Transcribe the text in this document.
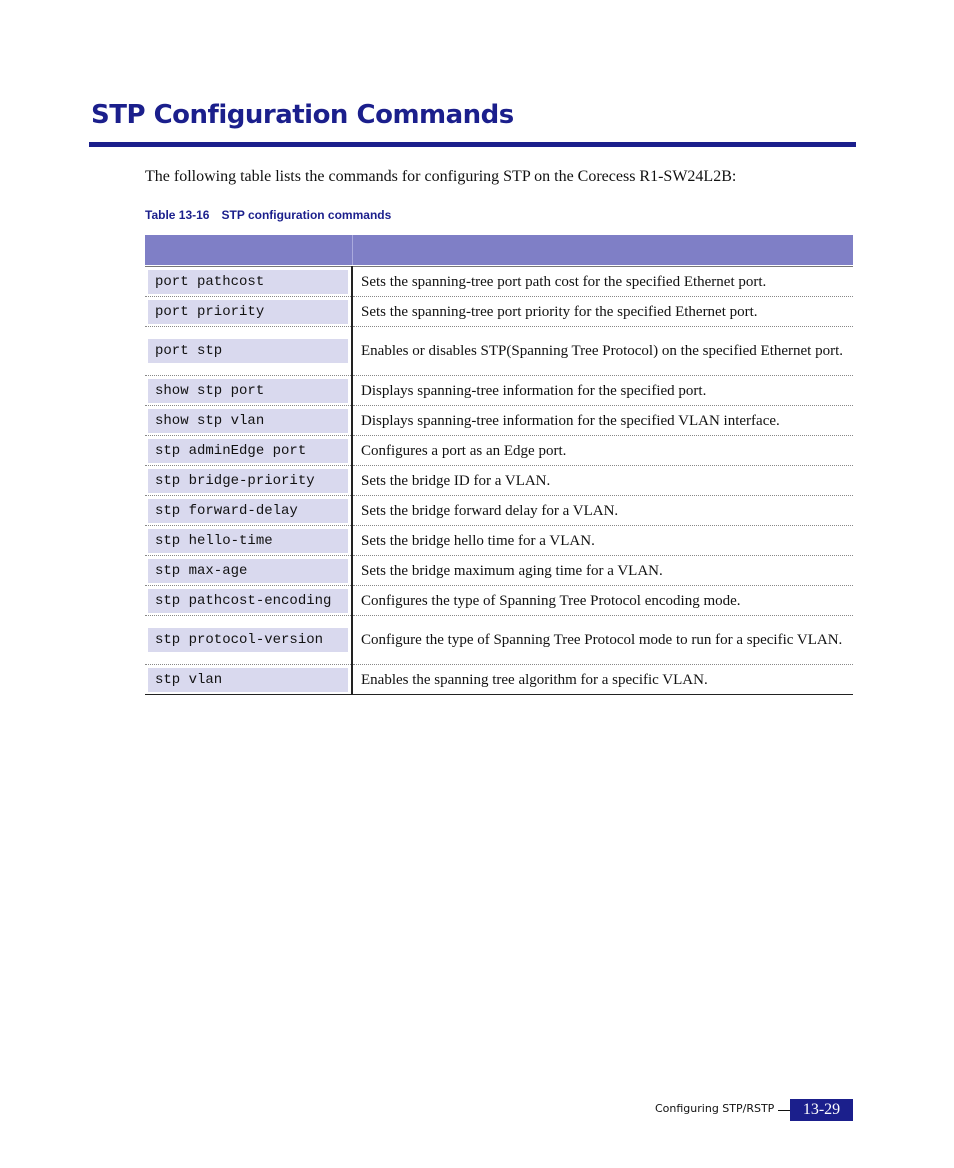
STP Configuration Commands

The following table lists the commands for configuring STP on the Corecess R1-SW24L2B:

Table 13-16 STP configuration commands

port pathcost	Sets the spanning-tree port path cost for the specified Ethernet port.

port priority	Sets the spanning-tree port priority for the specified Ethernet port.

port stp	Enables or disables STP(Spanning Tree Protocol) on the specified Ethernet port.

show stp port	Displays spanning-tree information for the specified port.

show stp vlan	Displays spanning-tree information for the specified VLAN interface.

stp adminEdge port	Configures a port as an Edge port.

stp bridge-priority	Sets the bridge ID for a VLAN.

stp forward-delay	Sets the bridge forward delay for a VLAN.

stp hello-time	Sets the bridge hello time for a VLAN.

stp max-age	Sets the bridge maximum aging time for a VLAN.

stp pathcost-encoding	Configures the type of Spanning Tree Protocol encoding mode.

stp protocol-version	Configure the type of Spanning Tree Protocol mode to run for a specific VLAN.

stp vlan	Enables the spanning tree algorithm for a specific VLAN.
Configuring STP/RSTP	13-29
